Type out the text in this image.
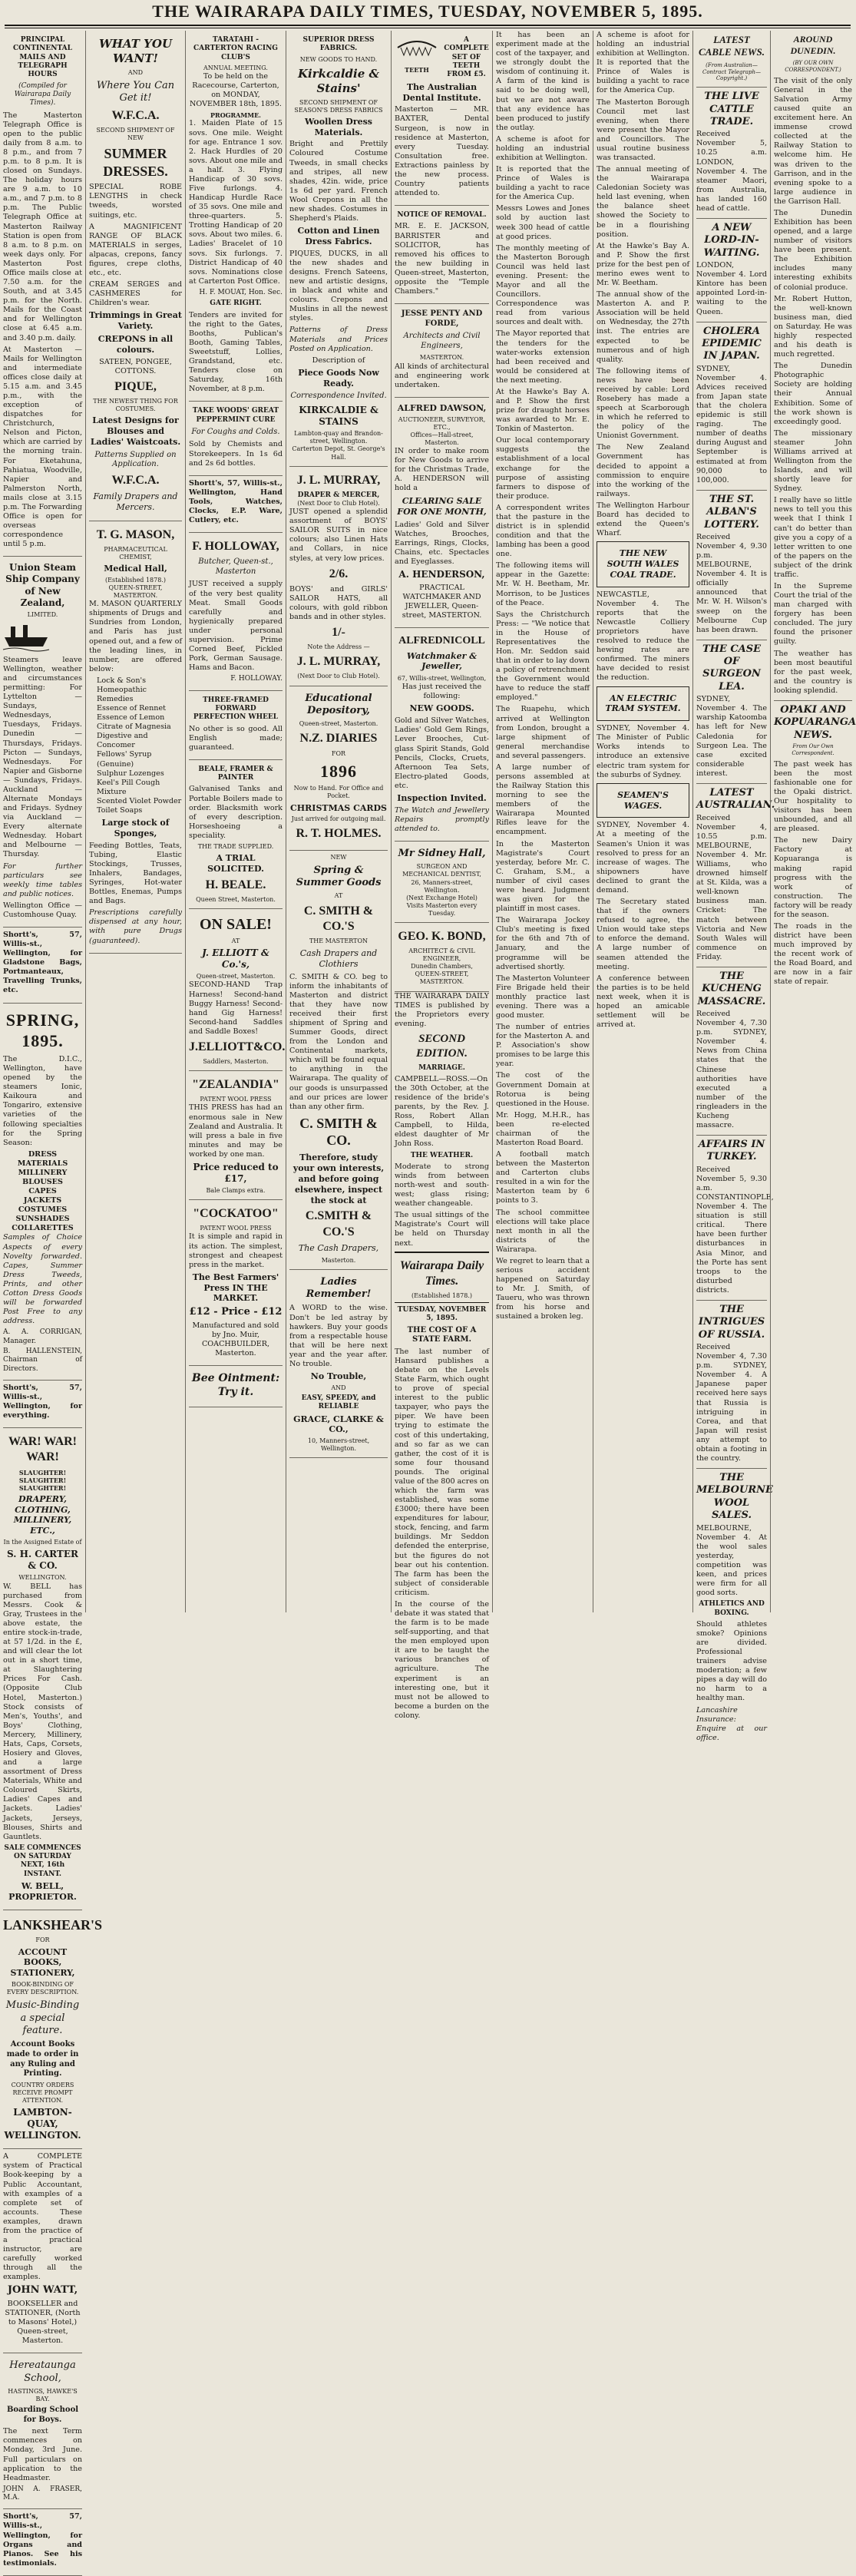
THE WAIRARAPA DAILY TIMES, TUESDAY, NOVEMBER 5, 1895.
PRINCIPAL CONTINENTAL MAILS AND TELEGRAPH HOURS
(Compiled for Wairarapa Daily Times).

The Masterton Telegraph Office is open to the public daily from 8 a.m. to 8 p.m., and from 7 p.m. to 8 p.m. It is closed on Sundays. The holiday hours are 9 a.m. to 10 a.m., and 7 p.m. to 8 p.m. The Public Telegraph Office at Masterton Railway Station is open from 8 a.m. to 8 p.m. on week days only. For Masterton Post Office mails close at 7.50 a.m. for the South, and at 3.45 p.m. for the North. Mails for the Coast and for Wellington close at 6.45 a.m. and 3.40 p.m. daily.

At Masterton — Mails for Wellington and intermediate offices close daily at 5.15 a.m. and 3.45 p.m., with the exception of dispatches for Christchurch, Nelson and Picton, which are carried by the morning train. For Eketahuna, Pahiatua, Woodville, Napier and Palmerston North, mails close at 3.15 p.m. The Forwarding Office is open for overseas correspondence until 5 p.m.

Union Steam Ship Company of New Zealand,
LIMITED.

Steamers leave Wellington, weather and circumstances permitting: For Lyttelton — Sundays, Wednesdays, Tuesdays, Fridays. Dunedin — Thursdays, Fridays. Picton — Sundays, Wednesdays. For Napier and Gisborne — Sundays, Fridays. Auckland — Alternate Mondays and Fridays. Sydney via Auckland — Every alternate Wednesday. Hobart and Melbourne — Thursday.

For further particulars see weekly time tables and public notices.

Wellington Office — Customhouse Quay.

Shortt's, 57, Willis-st., Wellington, for Gladstone Bags, Portmanteaux, Travelling Trunks, etc.

SPRING, 1895.

The D.I.C., Wellington, have opened by the steamers Ionic, Kaikoura and Tongariro, extensive varieties of the following specialties for the Spring Season:

DRESS MATERIALS
MILLINERY
BLOUSES
CAPES
JACKETS
COSTUMES
SUNSHADES
COLLARETTES

Samples of Choice Aspects of every Novelty forwarded. Capes, Summer Dress Tweeds, Prints, and other Cotton Dress Goods will be forwarded Post Free to any address.

A. A. CORRIGAN, Manager.

B. HALLENSTEIN, Chairman of Directors.

Shortt's, 57, Willis-st., Wellington, for everything.

WAR! WAR! WAR!
SLAUGHTER! SLAUGHTER! SLAUGHTER!
DRAPERY, CLOTHING, MILLINERY, ETC.,
In the Assigned Estate of
S. H. CARTER & CO.
WELLINGTON.

W. BELL has purchased from Messrs. Cook & Gray, Trustees in the above estate, the entire stock-in-trade, at 57 1/2d. in the £, and will clear the lot out in a short time, at Slaughtering Prices For Cash. (Opposite Club Hotel, Masterton.) Stock consists of Men's, Youths', and Boys' Clothing, Mercery, Millinery, Hats, Caps, Corsets, Hosiery and Gloves, and a large assortment of Dress Materials, White and Coloured Skirts, Ladies' Capes and Jackets. Ladies' Jackets, Jerseys, Blouses, Shirts and Gauntlets.

SALE COMMENCES ON SATURDAY NEXT, 16th INSTANT.
W. BELL, PROPRIETOR.
LANKSHEAR'S
FOR
ACCOUNT BOOKS, STATIONERY,
BOOK-BINDING OF EVERY DESCRIPTION.
Music-Binding a special feature.
Account Books made to order in any Ruling and Printing.
COUNTRY ORDERS RECEIVE PROMPT ATTENTION.
LAMBTON-QUAY, WELLINGTON.

A COMPLETE system of Practical Book-keeping by a Public Accountant, with examples of a complete set of accounts. These examples, drawn from the practice of a practical instructor, are carefully worked through all the examples.

JOHN WATT,

BOOKSELLER and STATIONER, (North to Masons' Hotel,) Queen-street, Masterton.

Hereataunga School,
HASTINGS, HAWKE'S BAY.
Boarding School for Boys.

The next Term commences on Monday, 3rd June. Full particulars on application to the Headmaster.

JOHN A. FRASER, M.A.

Shortt's, 57, Willis-st., Wellington, for Organs and Pianos. See his testimonials.

WHAT YOU WANT!
AND
Where You Can Get it!
W.F.C.A.
SECOND SHIPMENT OF NEW
SUMMER DRESSES.

SPECIAL ROBE LENGTHS in check tweeds, worsted suitings, etc.

A MAGNIFICENT RANGE OF BLACK MATERIALS in serges, alpacas, crepons, fancy figures, crepe cloths, etc., etc.

CREAM SERGES and CASHMERES for Children's wear.

Trimmings in Great Variety.
CREPONS in all colours.
SATEEN, PONGEE, COTTONS.
PIQUE,
THE NEWEST THING FOR COSTUMES.
Latest Designs for Blouses and Ladies' Waistcoats.
Patterns Supplied on Application.
W.F.C.A.
Family Drapers and Mercers.
T. G. MASON,
PHARMACEUTICAL CHEMIST,
Medical Hall,
(Established 1878.)
QUEEN-STREET, MASTERTON.

M. MASON QUARTERLY shipments of Drugs and Sundries from London, and Paris has just opened out, and a few of the leading lines, in number, are offered below:

Lock & Son's Homeopathic Remedies
Essence of Rennet
Essence of Lemon
Citrate of Magnesia
Digestive and Concomer
Fellows' Syrup (Genuine)
Sulphur Lozenges
Keel's Pill Cough Mixture
Scented Violet Powder
Toilet Soaps
Large stock of Sponges,

Feeding Bottles, Teats, Tubing, Elastic Stockings, Trusses, Inhalers, Bandages, Syringes, Hot-water Bottles, Enemas, Pumps and Bags.

Prescriptions carefully dispensed at any hour, with pure Drugs (guaranteed).

TARATAHI - CARTERTON RACING CLUB'S
ANNUAL MEETING.

To be held on the Racecourse, Carterton, on MONDAY, NOVEMBER 18th, 1895.

PROGRAMME.

1. Maiden Plate of 15 sovs. One mile. Weight for age. Entrance 1 sov. 2. Hack Hurdles of 20 sovs. About one mile and a half. 3. Flying Handicap of 30 sovs. Five furlongs. 4. Handicap Hurdle Race of 35 sovs. One mile and three-quarters. 5. Trotting Handicap of 20 sovs. About two miles. 6. Ladies' Bracelet of 10 sovs. Six furlongs. 7. District Handicap of 40 sovs. Nominations close at Carterton Post Office.

H. F. MOUAT, Hon. Sec.

GATE RIGHT.

Tenders are invited for the right to the Gates, Booths, Publican's Booth, Gaming Tables, Sweetstuff, Lollies, Grandstand, etc. Tenders close on Saturday, 16th November, at 8 p.m.

TAKE WOODS' GREAT PEPPERMINT CURE
For Coughs and Colds.

Sold by Chemists and Storekeepers. In 1s 6d and 2s 6d bottles.

Shortt's, 57, Willis-st., Wellington, Hand Tools, Watches, Clocks, E.P. Ware, Cutlery, etc.

F. HOLLOWAY,
Butcher, Queen-st., Masterton

JUST received a supply of the very best quality Meat. Small Goods carefully and hygienically prepared under personal supervision. Prime Corned Beef, Pickled Pork, German Sausage. Hams and Bacon.

F. HOLLOWAY.

THREE-FRAMED FORWARD PERFECTION WHEEL

No other is so good. All English made; guaranteed.

BEALE, FRAMER & PAINTER

Galvanised Tanks and Portable Boilers made to order. Blacksmith work of every description. Horseshoeing a speciality.

THE TRADE SUPPLIED.
A TRIAL SOLICITED.
H. BEALE.
Queen Street, Masterton.
ON SALE!
AT
J. ELLIOTT & Co.'s,
Queen-street, Masterton.

SECOND-HAND Trap Harness! Second-hand Buggy Harness! Second-hand Gig Harness! Second-hand Saddles and Saddle Boxes!

J.ELLIOTT&CO.
Saddlers, Masterton.
"ZEALANDIA"
PATENT WOOL PRESS

THIS PRESS has had an enormous sale in New Zealand and Australia. It will press a bale in five minutes and may be worked by one man.

Price reduced to £17,
Bale Clamps extra.
"COCKATOO"
PATENT WOOL PRESS

It is simple and rapid in its action. The simplest, strongest and cheapest press in the market.

The Best Farmers' Press IN THE MARKET.
£12 - Price - £12

Manufactured and sold by Jno. Muir, COACHBUILDER, Masterton.

Bee Ointment: Try it.
SUPERIOR DRESS FABRICS.
NEW GOODS TO HAND.
Kirkcaldie & Stains'
SECOND SHIPMENT OF SEASON'S DRESS FABRICS
Woollen Dress Materials.

Bright and Prettily Coloured Costume Tweeds, in small checks and stripes, all new shades, 42in. wide, price 1s 6d per yard. French Wool Crepons in all the new shades. Costumes in Shepherd's Plaids.

Cotton and Linen Dress Fabrics.

PIQUES, DUCKS, in all the new shades and designs. French Sateens, new and artistic designs, in black and white and colours. Crepons and Muslins in all the newest styles.

Patterns of Dress Materials and Prices Posted on Application.

Description of
Piece Goods Now Ready.
Correspondence Invited.
KIRKCALDIE & STAINS
Lambton-quay and Brandon-street, Wellington.
Carterton Depot, St. George's Hall.
J. L. MURRAY,
DRAPER & MERCER,
(Next Door to Club Hotel).

JUST opened a splendid assortment of BOYS' SAILOR SUITS in nice colours; also Linen Hats and Collars, in nice styles, at very low prices.

2/6.

BOYS' and GIRLS' SAILOR HATS, all colours, with gold ribbon bands and in other styles.

1/-
Note the Address —
J. L. MURRAY,
(Next Door to Club Hotel).
Educational Depository,
Queen-street, Masterton.
N.Z. DIARIES
FOR
1896
Now to Hand. For Office and Pocket.
CHRISTMAS CARDS
Just arrived for outgoing mail.
R. T. HOLMES.
NEW
Spring & Summer Goods
AT
C. SMITH & CO.'S
THE MASTERTON
Cash Drapers and Clothiers

C. SMITH & CO. beg to inform the inhabitants of Masterton and district that they have now received their first shipment of Spring and Summer Goods, direct from the London and Continental markets, which will be found equal to anything in the Wairarapa. The quality of our goods is unsurpassed and our prices are lower than any other firm.

C. SMITH & CO.
Therefore, study your own interests, and before going elsewhere, inspect the stock at
C.SMITH & CO.'S
The Cash Drapers,
Masterton.
Ladies Remember!

A WORD to the wise. Don't be led astray by hawkers. Buy your goods from a respectable house that will be here next year and the year after. No trouble.

No Trouble,
AND
EASY, SPEEDY, and RELIABLE
GRACE, CLARKE & CO.,
10, Manners-street, Wellington.
TEETH
A COMPLETE SET OF TEETH FROM £5.
The Australian Dental Institute.

Masterton — MR. BAXTER, Dental Surgeon, is now in residence at Masterton, every Tuesday. Consultation free. Extractions painless by the new process. Country patients attended to.

NOTICE OF REMOVAL.

MR. E. E. JACKSON, BARRISTER and SOLICITOR, has removed his offices to the new building in Queen-street, Masterton, opposite the "Temple Chambers."

JESSE PENTY AND FORDE,
Architects and Civil Engineers,
MASTERTON.

All kinds of architectural and engineering work undertaken.

ALFRED DAWSON,
AUCTIONEER, SURVEYOR, ETC.,
Offices—Hall-street, Masterton.

IN order to make room for New Goods to arrive for the Christmas Trade, A. HENDERSON will hold a

CLEARING SALE FOR ONE MONTH,

Ladies' Gold and Silver Watches, Brooches, Earrings, Rings, Clocks, Chains, etc. Spectacles and Eyeglasses.

A. HENDERSON,

PRACTICAL WATCHMAKER AND JEWELLER, Queen-street, MASTERTON.

ALFREDNICOLL
Watchmaker & Jeweller,
67, Willis-street, Wellington,

Has just received the following:

NEW GOODS.

Gold and Silver Watches, Ladies' Gold Gem Rings, Lever Brooches, Cut-glass Spirit Stands, Gold Pencils, Clocks, Cruets, Afternoon Tea Sets, Electro-plated Goods, etc.

Inspection Invited.

The Watch and Jewellery Repairs promptly attended to.

Mr Sidney Hall,
SURGEON AND MECHANICAL DENTIST,
26, Manners-street, Wellington.
(Next Exchange Hotel)
Visits Masterton every Tuesday.
GEO. K. BOND,
ARCHITECT & CIVIL ENGINEER,
Dunedin Chambers,
QUEEN-STREET, MASTERTON.

THE WAIRARAPA DAILY TIMES is published by the Proprietors every evening.

SECOND EDITION.
MARRIAGE.

CAMPBELL—ROSS.—On the 30th October, at the residence of the bride's parents, by the Rev. J. Ross, Robert Allan Campbell, to Hilda, eldest daughter of Mr John Ross.

THE WEATHER.

Moderate to strong winds from between north-west and south-west; glass rising; weather changeable.

The usual sittings of the Magistrate's Court will be held on Thursday next.

Wairarapa Daily Times.
(Established 1878.)
TUESDAY, NOVEMBER 5, 1895.
THE COST OF A STATE FARM.

The last number of Hansard publishes a debate on the Levels State Farm, which ought to prove of special interest to the public taxpayer, who pays the piper. We have been trying to estimate the cost of this undertaking, and so far as we can gather, the cost of it is some four thousand pounds. The original value of the 800 acres on which the farm was established, was some £3000; there have been expenditures for labour, stock, fencing, and farm buildings. Mr Seddon defended the enterprise, but the figures do not bear out his contention. The farm has been the subject of considerable criticism.

In the course of the debate it was stated that the farm is to be made self-supporting, and that the men employed upon it are to be taught the various branches of agriculture. The experiment is an interesting one, but it must not be allowed to become a burden on the colony.

It has been an experiment made at the cost of the taxpayer, and we strongly doubt the wisdom of continuing it. A farm of the kind is said to be doing well, but we are not aware that any evidence has been produced to justify the outlay.

A scheme is afoot for holding an industrial exhibition at Wellington.

It is reported that the Prince of Wales is building a yacht to race for the America Cup.

Messrs Lowes and Jones sold by auction last week 300 head of cattle at good prices.

The monthly meeting of the Masterton Borough Council was held last evening. Present: the Mayor and all the Councillors. Correspondence was read from various sources and dealt with.

The Mayor reported that the tenders for the water-works extension had been received and would be considered at the next meeting.

At the Hawke's Bay A. and P. Show the first prize for draught horses was awarded to Mr. E. Tonkin of Masterton.

Our local contemporary suggests the establishment of a local exchange for the purpose of assisting farmers to dispose of their produce.

A correspondent writes that the pasture in the district is in splendid condition and that the lambing has been a good one.

The following items will appear in the Gazette: Mr. W. H. Beetham, Mr. Morrison, to be Justices of the Peace.

Says the Christchurch Press: — "We notice that in the House of Representatives the Hon. Mr. Seddon said that in order to lay down a policy of retrenchment the Government would have to reduce the staff employed."

The Ruapehu, which arrived at Wellington from London, brought a large shipment of general merchandise and several passengers.

A large number of persons assembled at the Railway Station this morning to see the members of the Wairarapa Mounted Rifles leave for the encampment.

In the Masterton Magistrate's Court yesterday, before Mr. C. C. Graham, S.M., a number of civil cases were heard. Judgment was given for the plaintiff in most cases.

The Wairarapa Jockey Club's meeting is fixed for the 6th and 7th of January, and the programme will be advertised shortly.

The Masterton Volunteer Fire Brigade held their monthly practice last evening. There was a good muster.

The number of entries for the Masterton A. and P. Association's show promises to be large this year.

The cost of the Government Domain at Rotorua is being questioned in the House.

Mr. Hogg, M.H.R., has been re-elected chairman of the Masterton Road Board.

A football match between the Masterton and Carterton clubs resulted in a win for the Masterton team by 6 points to 3.

The school committee elections will take place next month in all the districts of the Wairarapa.

We regret to learn that a serious accident happened on Saturday to Mr. J. Smith, of Taueru, who was thrown from his horse and sustained a broken leg.

A scheme is afoot for holding an industrial exhibition at Wellington. It is reported that the Prince of Wales is building a yacht to race for the America Cup.

The Masterton Borough Council met last evening, when there were present the Mayor and Councillors. The usual routine business was transacted.

The annual meeting of the Wairarapa Caledonian Society was held last evening, when the balance sheet showed the Society to be in a flourishing position.

At the Hawke's Bay A. and P. Show the first prize for the best pen of merino ewes went to Mr. W. Beetham.

The annual show of the Masterton A. and P. Association will be held on Wednesday, the 27th inst. The entries are expected to be numerous and of high quality.

The following items of news have been received by cable: Lord Rosebery has made a speech at Scarborough in which he referred to the policy of the Unionist Government.

The New Zealand Government has decided to appoint a commission to enquire into the working of the railways.

The Wellington Harbour Board has decided to extend the Queen's Wharf.

THE NEW SOUTH WALES COAL TRADE.

NEWCASTLE, November 4. The reports that the Newcastle Colliery proprietors have resolved to reduce the hewing rates are confirmed. The miners have decided to resist the reduction.

AN ELECTRIC TRAM SYSTEM.

SYDNEY, November 4. The Minister of Public Works intends to introduce an extensive electric tram system for the suburbs of Sydney.

SEAMEN'S WAGES.

SYDNEY, November 4. At a meeting of the Seamen's Union it was resolved to press for an increase of wages. The shipowners have declined to grant the demand.

The Secretary stated that if the owners refused to agree, the Union would take steps to enforce the demand. A large number of seamen attended the meeting.

A conference between the parties is to be held next week, when it is hoped an amicable settlement will be arrived at.

LATEST CABLE NEWS.
(From Australian—Contract Telegraph—Copyright.)
THE LIVE CATTLE TRADE.

Received November 5, 10.25 a.m. LONDON, November 4. The steamer Maori, from Australia, has landed 160 head of cattle.

A NEW LORD-IN-WAITING.

LONDON, November 4. Lord Kintore has been appointed Lord-in-waiting to the Queen.

CHOLERA EPIDEMIC IN JAPAN.

SYDNEY, November 4. Advices received from Japan state that the cholera epidemic is still raging. The number of deaths during August and September is estimated at from 90,000 to 100,000.

THE ST. ALBAN'S LOTTERY.

Received November 4, 9.30 p.m. MELBOURNE, November 4. It is officially announced that Mr. W. H. Wilson's sweep on the Melbourne Cup has been drawn.

THE CASE OF SURGEON LEA.

SYDNEY, November 4. The warship Katoomba has left for New Caledonia for Surgeon Lea. The case excited considerable interest.

LATEST AUSTRALIAN.

Received November 4, 10.55 p.m. MELBOURNE, November 4. Mr. Williams, who drowned himself at St. Kilda, was a well-known business man. Cricket: The match between Victoria and New South Wales will commence on Friday.

THE KUCHENG MASSACRE.

Received November 4, 7.30 p.m. SYDNEY, November 4. News from China states that the Chinese authorities have executed a number of the ringleaders in the Kucheng massacre.

AFFAIRS IN TURKEY.

Received November 5, 9.30 a.m. CONSTANTINOPLE, November 4. The situation is still critical. There have been further disturbances in Asia Minor, and the Porte has sent troops to the disturbed districts.

THE INTRIGUES OF RUSSIA.

Received November 4, 7.30 p.m. SYDNEY, November 4. A Japanese paper received here says that Russia is intriguing in Corea, and that Japan will resist any attempt to obtain a footing in the country.

THE MELBOURNE WOOL SALES.

MELBOURNE, November 4. At the wool sales yesterday, competition was keen, and prices were firm for all good sorts.

ATHLETICS AND BOXING.

Should athletes smoke? Opinions are divided. Professional trainers advise moderation; a few pipes a day will do no harm to a healthy man.

Lancashire Insurance: Enquire at our office.

AROUND DUNEDIN.
(BY OUR OWN CORRESPONDENT.)

The visit of the only General in the Salvation Army caused quite an excitement here. An immense crowd collected at the Railway Station to welcome him. He was driven to the Garrison, and in the evening spoke to a large audience in the Garrison Hall.

The Dunedin Exhibition has been opened, and a large number of visitors have been present. The Exhibition includes many interesting exhibits of colonial produce.

Mr. Robert Hutton, the well-known business man, died on Saturday. He was highly respected and his death is much regretted.

The Dunedin Photographic Society are holding their Annual Exhibition. Some of the work shown is exceedingly good.

The missionary steamer John Williams arrived at Wellington from the Islands, and will shortly leave for Sydney.

I really have so little news to tell you this week that I think I can't do better than give you a copy of a letter written to one of the papers on the subject of the drink traffic.

In the Supreme Court the trial of the man charged with forgery has been concluded. The jury found the prisoner guilty.

The weather has been most beautiful for the past week, and the country is looking splendid.

OPAKI AND KOPUARANGA NEWS.
From Our Own Correspondent.

The past week has been the most fashionable one for the Opaki district. Our hospitality to visitors has been unbounded, and all are pleased.

The new Dairy Factory at Kopuaranga is making rapid progress with the work of construction. The factory will be ready for the season.

The roads in the district have been much improved by the recent work of the Road Board, and are now in a fair state of repair.
